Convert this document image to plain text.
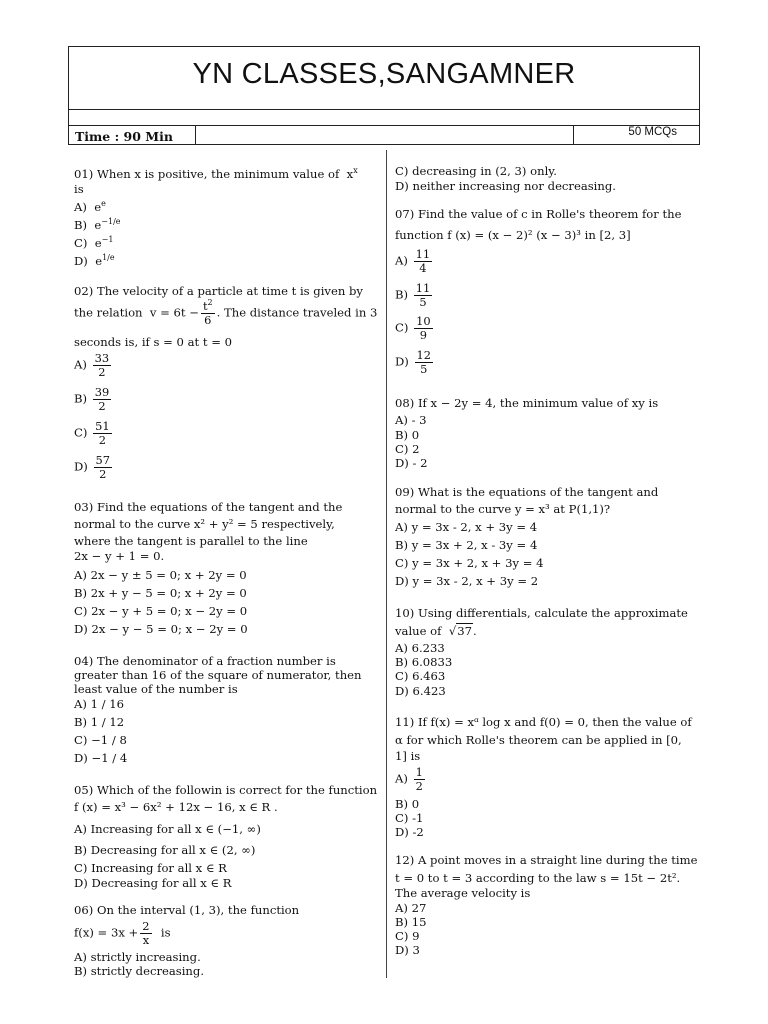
YN CLASSES,SANGAMNER
Time : 90 Min	50 MCQs
01) When x is positive, the minimum value of $x^x$
is
A) $e^e$
B) $e^{-1/e}$
C) $e^{-1}$
D) $e^{1/e}$
02) The velocity of a particle at time t is given by
the relation $v = 6t - \frac{t^2}{6}$ . The distance traveled in 3
seconds is, if s = 0 at t = 0
$A) \frac{33}{2}$
$B) \frac{39}{2}$
$C) \frac{51}{2}$
$D) \frac{57}{2}$
03) Find the equations of the tangent and the
normal to the curve x² + y² = 5 respectively,
where the tangent is parallel to the line
2x − y + 1 = 0.
A) 2x − y ± 5 = 0; x + 2y = 0
B) 2x + y − 5 = 0; x + 2y = 0
C) 2x − y + 5 = 0; x − 2y = 0
D) 2x − y − 5 = 0; x − 2y = 0
04) The denominator of a fraction number is
greater than 16 of the square of numerator, then
least value of the number is
A) 1 / 16
B) 1 / 12
C) −1 / 8
D) −1 / 4
05) Which of the followin is correct for the function
f (x) = x³ − 6x² + 12x − 16, x ∈ R .
A) Increasing for all x ∈ (−1, ∞)
B) Decreasing for all x ∈ (2, ∞)
C) Increasing for all x ∈ R
D) Decreasing for all x ∈ R
06) On the interval (1, 3), the function
$f(x) = 3x + \frac{2}{x}$ is
A) strictly increasing.
B) strictly decreasing.
C) decreasing in (2, 3) only.
D) neither increasing nor decreasing.
07) Find the value of c in Rolle's theorem for the
function f (x) = (x − 2)² (x − 3)³ in [2, 3]
$A) \frac{11}{4}$
$B) \frac{11}{5}$
$C) \frac{10}{9}$
$D) \frac{12}{5}$
08) If x − 2y = 4, the minimum value of xy is
A) - 3
B) 0
C) 2
D) - 2
09) What is the equations of the tangent and
normal to the curve y = x³ at P(1,1)?
A) y = 3x - 2, x + 3y = 4
B) y = 3x + 2, x - 3y = 4
C) y = 3x + 2, x + 3y = 4
D) y = 3x - 2, x + 3y = 2
10) Using differentials, calculate the approximate
value of √37.
A) 6.233
B) 6.0833
C) 6.463
D) 6.423
11) If f(x) = xᵅ log x and f(0) = 0, then the value of
α for which Rolle's theorem can be applied in [0,
1] is
$A) \frac{1}{2}$
B) 0
C) -1
D) -2
12) A point moves in a straight line during the time
t = 0 to t = 3 according to the law s = 15t − 2t².
The average velocity is
A) 27
B) 15
C) 9
D) 3
